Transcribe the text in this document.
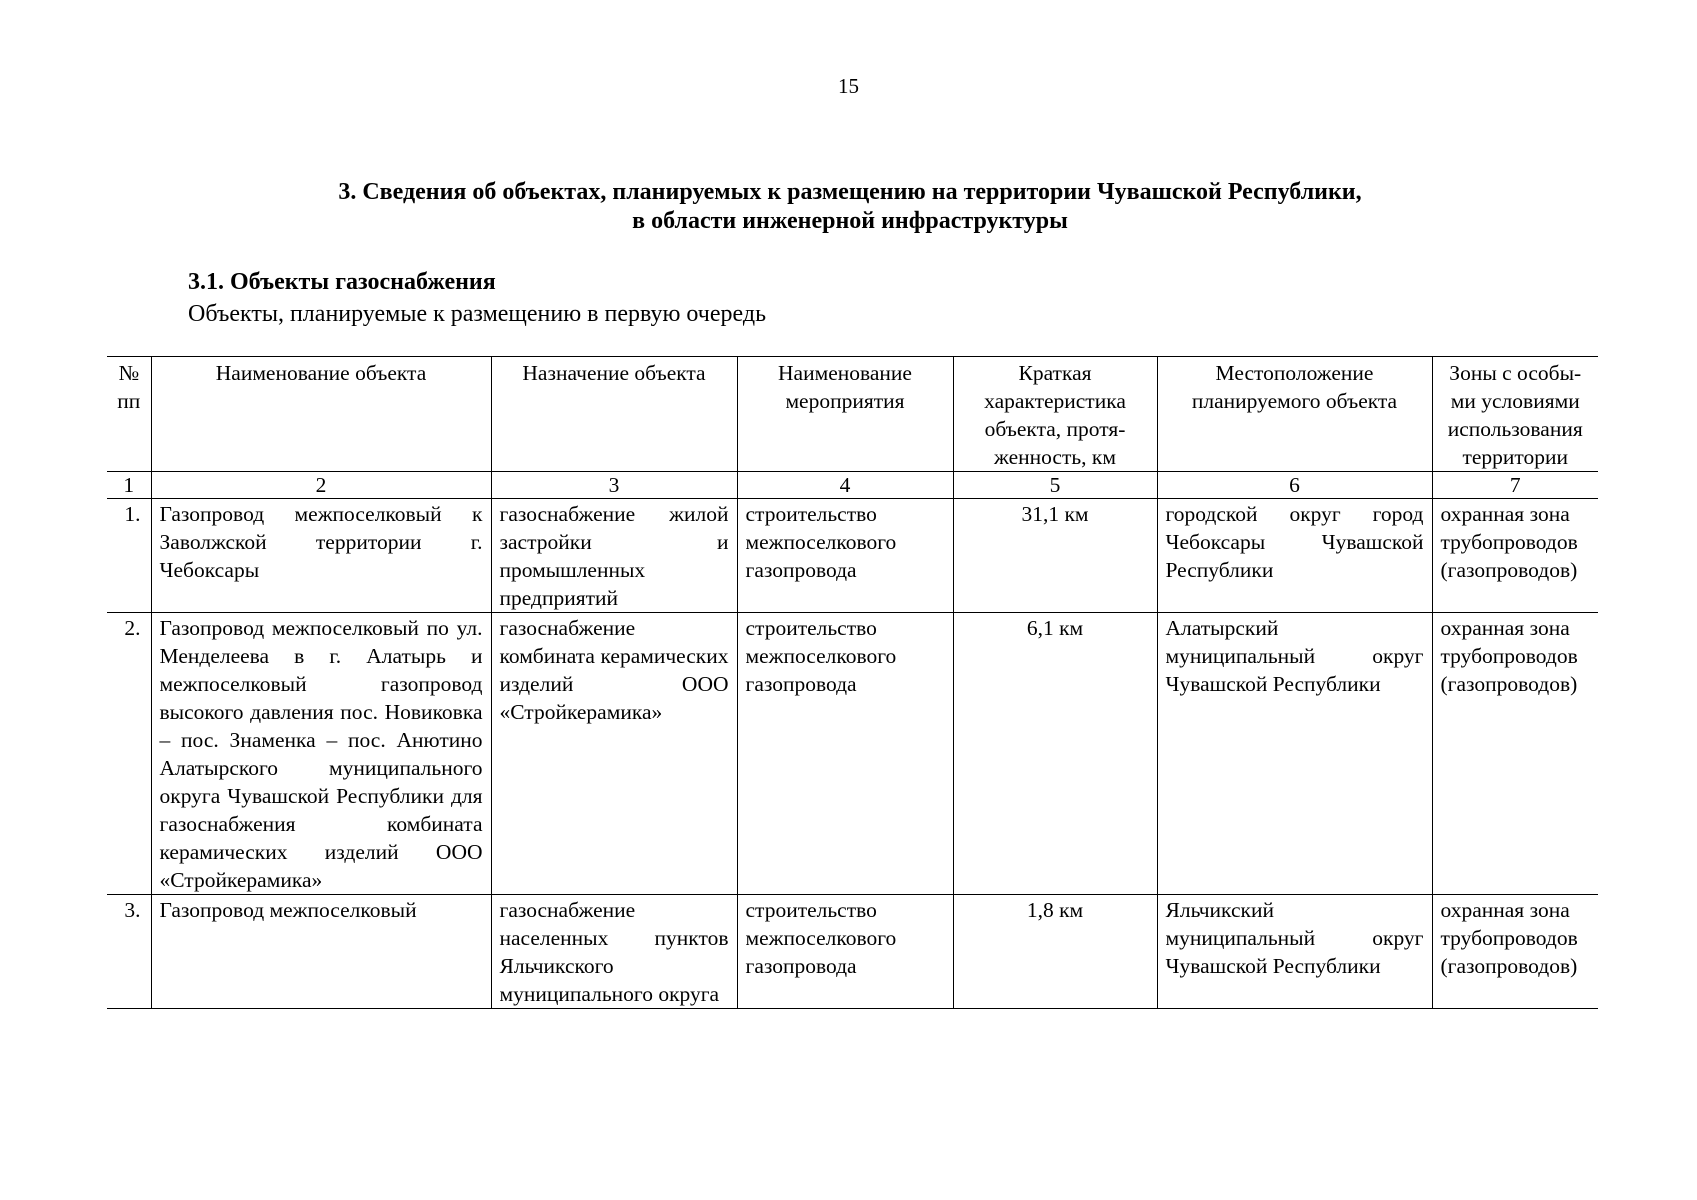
15
3. Сведения об объектах, планируемых к размещению на территории Чувашской Республики,
в области инженерной инфраструктуры
3.1. Объекты газоснабжения
Объекты, планируемые к размещению в первую очередь
№ пп	Наименование объекта	Назначение объекта	Наименование мероприятия	Краткая характеристика объекта, протя-женность, км	Местоположение планируемого объекта	Зоны с особы-ми условиями использования территории
1	2	3	4	5	6	7
1.	Газопровод межпоселковый к Заволжской территории г. Чебоксары	газоснабжение жилой застройки и промышленных предприятий	строительство межпоселкового газопровода	31,1 км	городской округ город Чебоксары Чувашской Республики	охранная зона трубопроводов (газопроводов)
2.	Газопровод межпоселковый по ул. Менделеева в г. Алатырь и межпоселковый газопровод высокого давления пос. Новиковка – пос. Знаменка – пос. Анютино Алатырского муниципального округа Чувашской Республики для газоснабжения комбината керамических изделий ООО «Стройкерамика»	газоснабжение комбината керамических изделий ООО «Стройкерамика»	строительство межпоселкового газопровода	6,1 км	Алатырский муниципальный округ Чувашской Республики	охранная зона трубопроводов (газопроводов)
3.	Газопровод межпоселковый	газоснабжение населенных пунктов Яльчикского муниципального округа	строительство межпоселкового газопровода	1,8 км	Яльчикский муниципальный округ Чувашской Республики	охранная зона трубопроводов (газопроводов)
